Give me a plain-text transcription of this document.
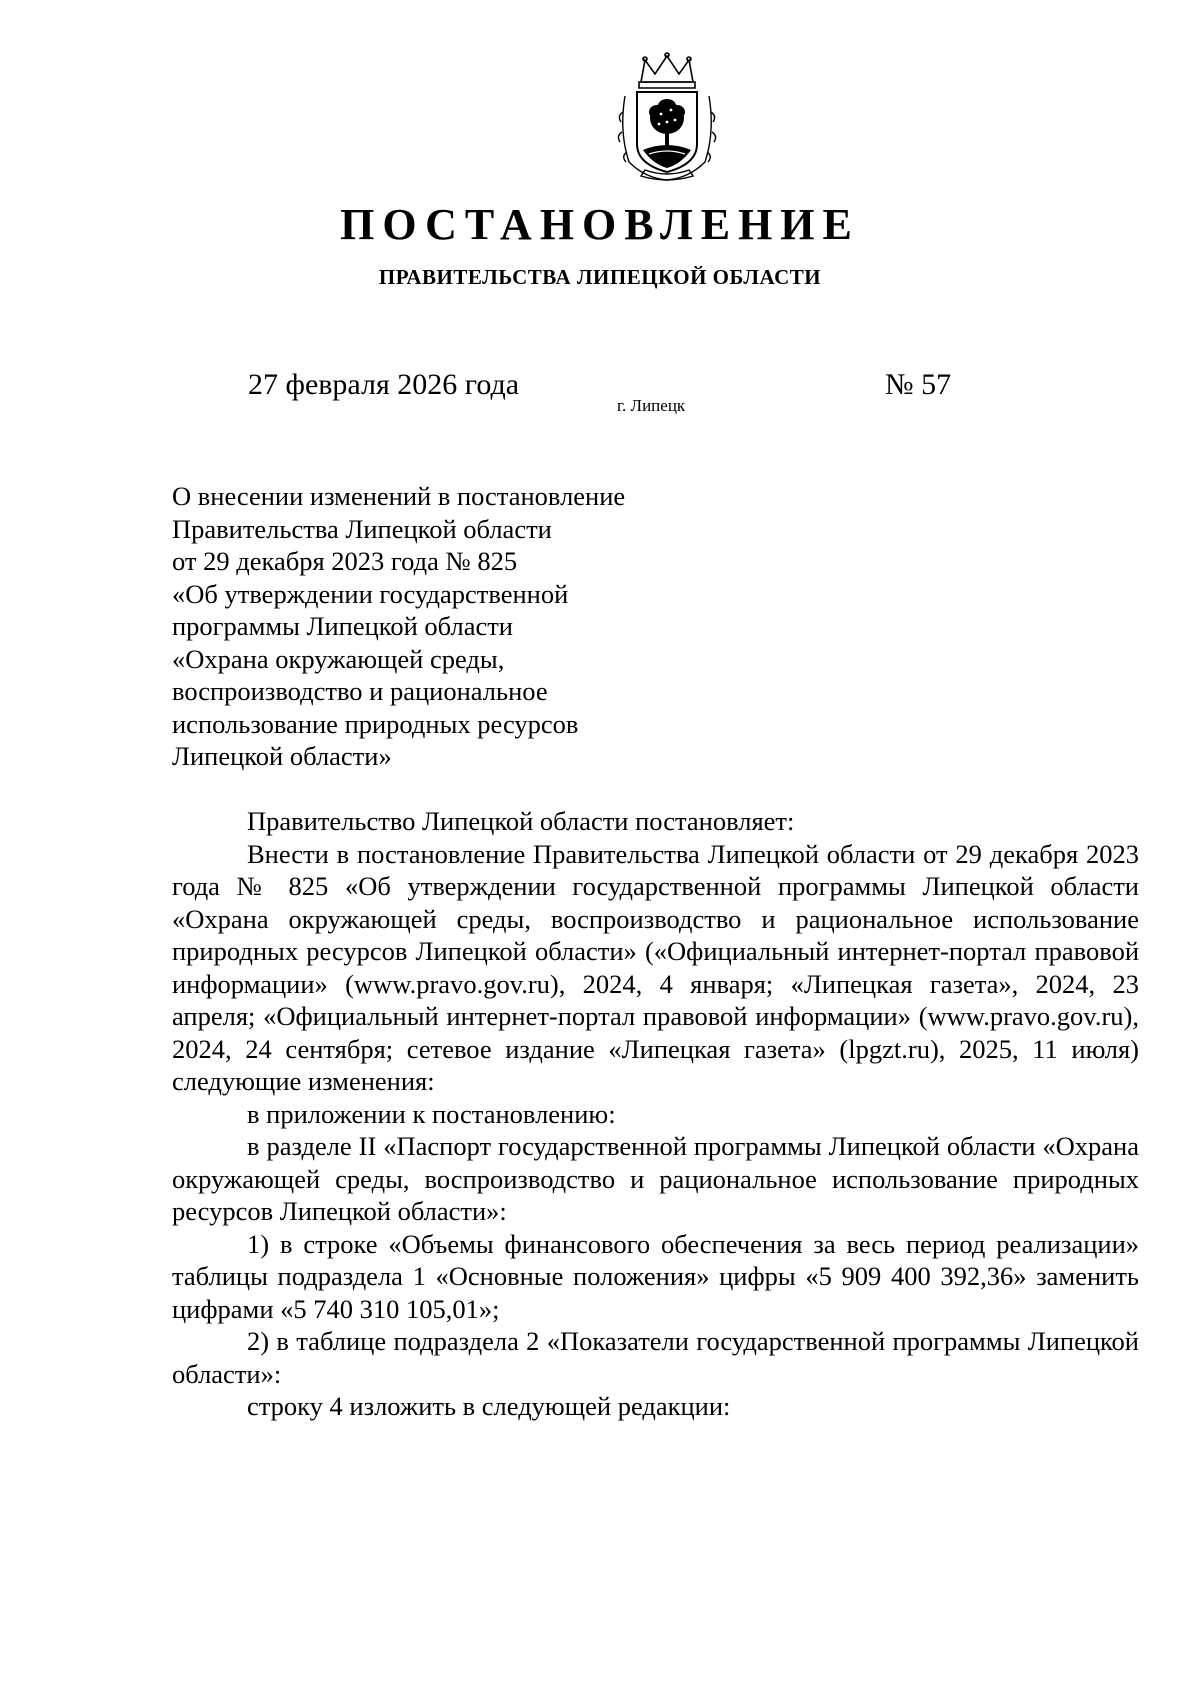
ПОСТАНОВЛЕНИЕ
ПРАВИТЕЛЬСТВА ЛИПЕЦКОЙ ОБЛАСТИ
27 февраля 2026 года
г. Липецк
№ 57
О внесении изменений в постановление
Правительства Липецкой области
от 29 декабря 2023 года № 825
«Об утверждении государственной
программы Липецкой области
«Охрана окружающей среды,
воспроизводство и рациональное
использование природных ресурсов
Липецкой области»

Правительство Липецкой области постановляет:

Внести в постановление Правительства Липецкой области от 29 декабря 2023 года № 825 «Об утверждении государственной программы Липецкой области «Охрана окружающей среды, воспроизводство и рациональное использование природных ресурсов Липецкой области» («Официальный интернет-портал правовой информации» (www.pravo.gov.ru), 2024, 4 января; «Липецкая газета», 2024, 23 апреля; «Официальный интернет-портал правовой информации» (www.pravo.gov.ru), 2024, 24 сентября; сетевое издание «Липецкая газета» (lpgzt.ru), 2025, 11 июля) следующие изменения:

в приложении к постановлению:

в разделе II «Паспорт государственной программы Липецкой области «Охрана окружающей среды, воспроизводство и рациональное использование природных ресурсов Липецкой области»:

1) в строке «Объемы финансового обеспечения за весь период реализации» таблицы подраздела 1 «Основные положения» цифры «5 909 400 392,36» заменить цифрами «5 740 310 105,01»;

2) в таблице подраздела 2 «Показатели государственной программы Липецкой области»:

строку 4 изложить в следующей редакции:
